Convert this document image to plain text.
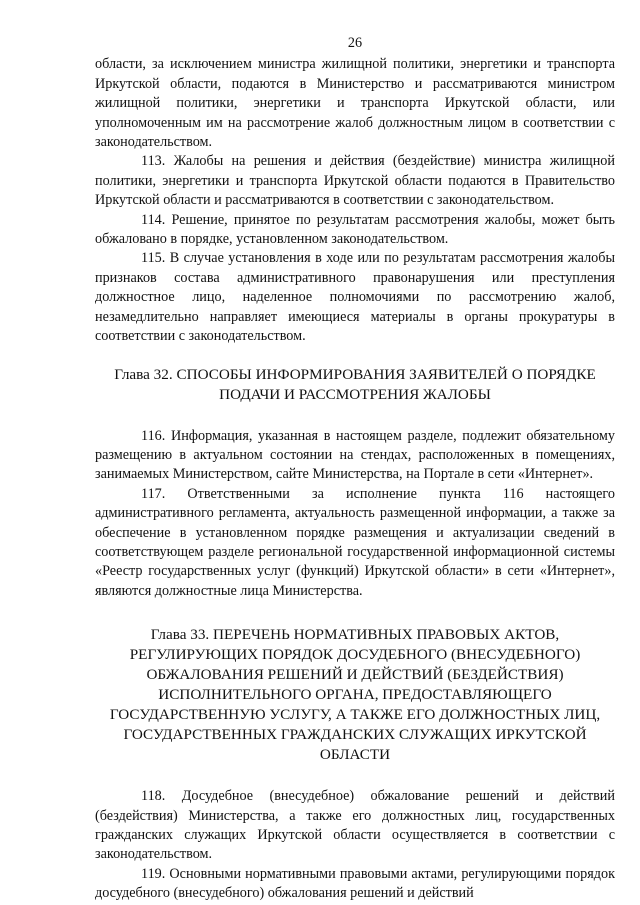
26

области, за исключением министра жилищной политики, энергетики и транспорта Иркутской области, подаются в Министерство и рассматриваются министром жилищной политики, энергетики и транспорта Иркутской области, или уполномоченным им на рассмотрение жалоб должностным лицом в соответствии с законодательством.

113. Жалобы на решения и действия (бездействие) министра жилищной политики, энергетики и транспорта Иркутской области подаются в Правительство Иркутской области и рассматриваются в соответствии с законодательством.

114. Решение, принятое по результатам рассмотрения жалобы, может быть обжаловано в порядке, установленном законодательством.

115. В случае установления в ходе или по результатам рассмотрения жалобы признаков состава административного правонарушения или преступления должностное лицо, наделенное полномочиями по рассмотрению жалоб, незамедлительно направляет имеющиеся материалы в органы прокуратуры в соответствии с законодательством.

Глава 32. СПОСОБЫ ИНФОРМИРОВАНИЯ ЗАЯВИТЕЛЕЙ О ПОРЯДКЕ ПОДАЧИ И РАССМОТРЕНИЯ ЖАЛОБЫ

116. Информация, указанная в настоящем разделе, подлежит обязательному размещению в актуальном состоянии на стендах, расположенных в помещениях, занимаемых Министерством, сайте Министерства, на Портале в сети «Интернет».

117. Ответственными за исполнение пункта 116 настоящего административного регламента, актуальность размещенной информации, а также за обеспечение в установленном порядке размещения и актуализации сведений в соответствующем разделе региональной государственной информационной системы «Реестр государственных услуг (функций) Иркутской области» в сети «Интернет», являются должностные лица Министерства.

Глава 33. ПЕРЕЧЕНЬ НОРМАТИВНЫХ ПРАВОВЫХ АКТОВ, РЕГУЛИРУЮЩИХ ПОРЯДОК ДОСУДЕБНОГО (ВНЕСУДЕБНОГО) ОБЖАЛОВАНИЯ РЕШЕНИЙ И ДЕЙСТВИЙ (БЕЗДЕЙСТВИЯ) ИСПОЛНИТЕЛЬНОГО ОРГАНА, ПРЕДОСТАВЛЯЮЩЕГО ГОСУДАРСТВЕННУЮ УСЛУГУ, А ТАКЖЕ ЕГО ДОЛЖНОСТНЫХ ЛИЦ, ГОСУДАРСТВЕННЫХ ГРАЖДАНСКИХ СЛУЖАЩИХ ИРКУТСКОЙ ОБЛАСТИ

118. Досудебное (внесудебное) обжалование решений и действий (бездействия) Министерства, а также его должностных лиц, государственных гражданских служащих Иркутской области осуществляется в соответствии с законодательством.

119. Основными нормативными правовыми актами, регулирующими порядок досудебного (внесудебного) обжалования решений и действий
